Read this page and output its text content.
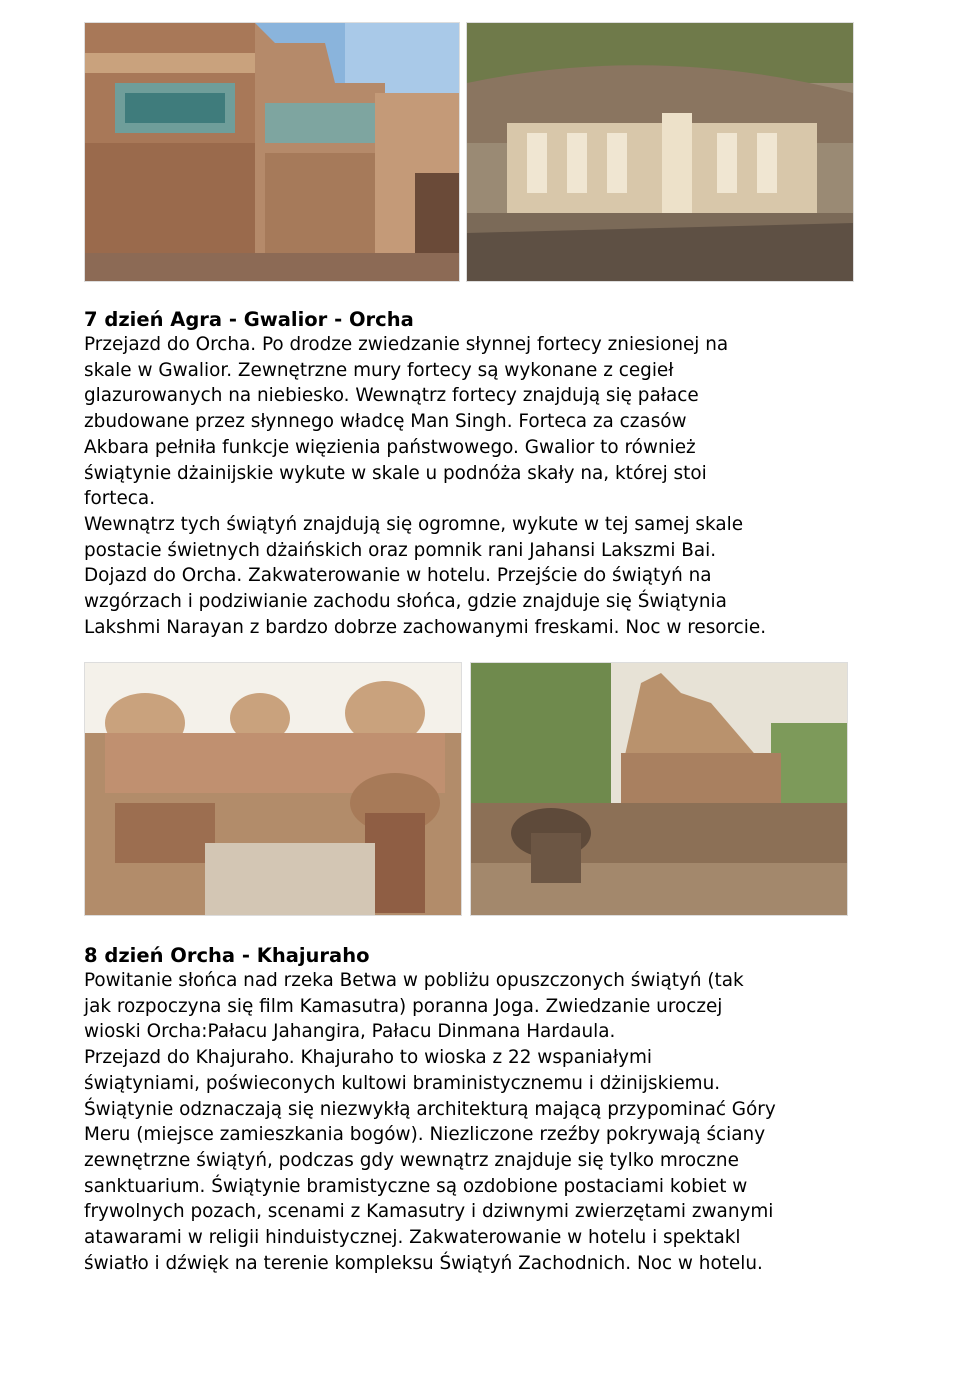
7 dzień Agra - Gwalior - Orcha

Przejazd do Orcha. Po drodze zwiedzanie słynnej fortecy zniesionej na
skale w Gwalior. Zewnętrzne mury fortecy są wykonane z cegieł
glazurowanych na niebiesko. Wewnątrz fortecy znajdują się pałace
zbudowane przez słynnego władcę Man Singh. Forteca za czasów
Akbara pełniła funkcje więzienia państwowego. Gwalior to również
świątynie dżainijskie wykute w skale u podnóża skały na, której stoi
forteca.

Wewnątrz tych świątyń znajdują się ogromne, wykute w tej samej skale
postacie świetnych dżaińskich oraz pomnik rani Jahansi Lakszmi Bai.
Dojazd do Orcha. Zakwaterowanie w hotelu. Przejście do świątyń na
wzgórzach i podziwianie zachodu słońca, gdzie znajduje się Świątynia
Lakshmi Narayan z bardzo dobrze zachowanymi freskami. Noc w resorcie.

8 dzień Orcha - Khajuraho

Powitanie słońca nad rzeka Betwa w pobliżu opuszczonych świątyń (tak
jak rozpoczyna się film Kamasutra) poranna Joga. Zwiedzanie uroczej
wioski Orcha:Pałacu Jahangira, Pałacu Dinmana Hardaula.

Przejazd do Khajuraho. Khajuraho to wioska z 22 wspaniałymi
świątyniami, poświeconych kultowi braministycznemu i dżinijskiemu.
Świątynie odznaczają się niezwykłą architekturą mającą przypominać Góry
Meru (miejsce zamieszkania bogów). Niezliczone rzeźby pokrywają ściany
zewnętrzne świątyń, podczas gdy wewnątrz znajduje się tylko mroczne
sanktuarium. Świątynie bramistyczne są ozdobione postaciami kobiet w
frywolnych pozach, scenami z Kamasutry i dziwnymi zwierzętami zwanymi
atawarami w religii hinduistycznej. Zakwaterowanie w hotelu i spektakl
światło i dźwięk na terenie kompleksu Świątyń Zachodnich. Noc w hotelu.
